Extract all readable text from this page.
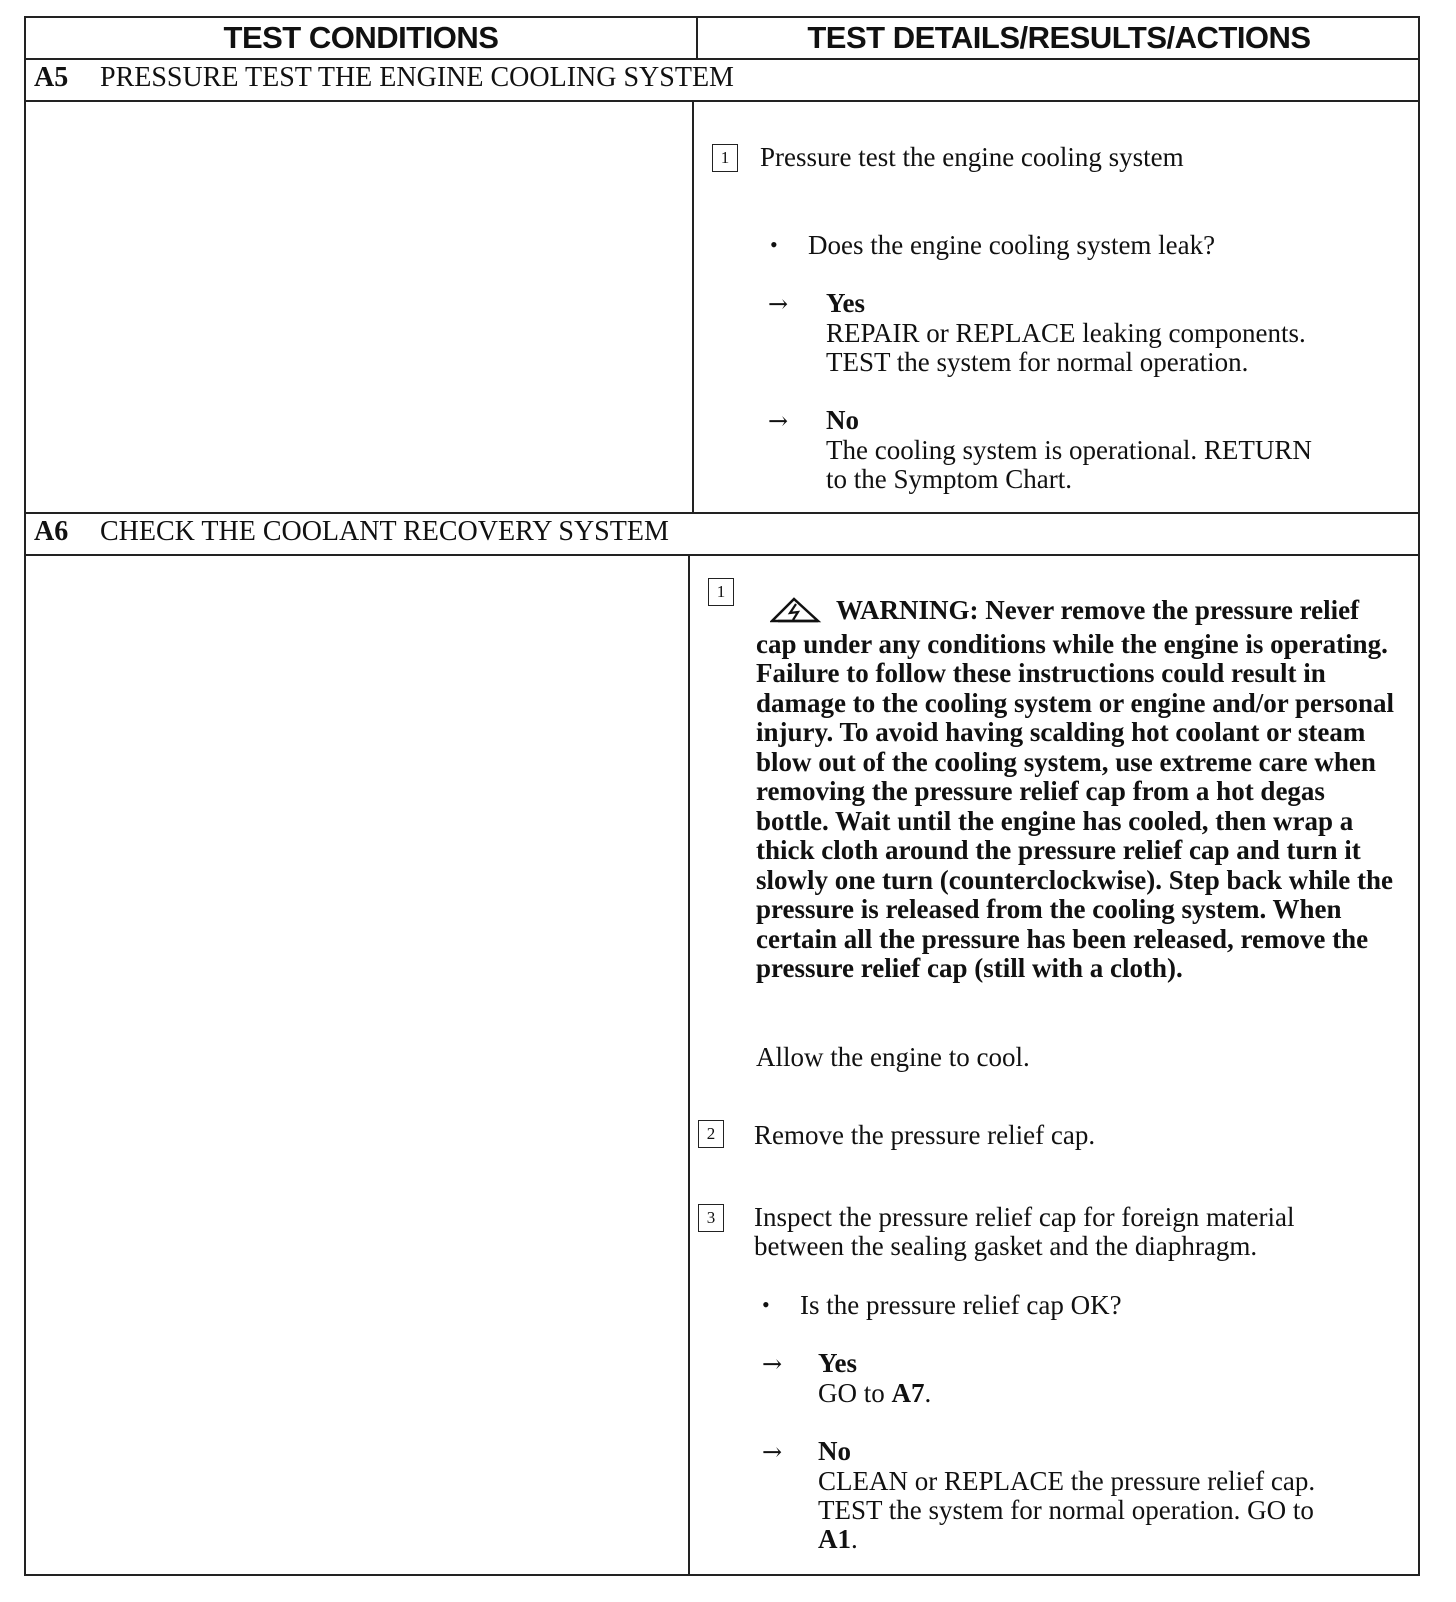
TEST CONDITIONS	TEST DETAILS/RESULTS/ACTIONS
A5 PRESSURE TEST THE ENGINE COOLING SYSTEM
1	Pressure test the engine cooling system
• Does the engine cooling system leak?
→ Yes
REPAIR or REPLACE leaking components.
TEST the system for normal operation.
→ No
The cooling system is operational. RETURN
to the Symptom Chart.
A6 CHECK THE COOLANT RECOVERY SYSTEM
1
WARNING: Never remove the pressure relief cap under any conditions while the engine is operating. Failure to follow these instructions could result in damage to the cooling system or engine and/or personal injury. To avoid having scalding hot coolant or steam blow out of the cooling system, use extreme care when removing the pressure relief cap from a hot degas bottle. Wait until the engine has cooled, then wrap a thick cloth around the pressure relief cap and turn it slowly one turn (counterclockwise). Step back while the pressure is released from the cooling system. When certain all the pressure has been released, remove the pressure relief cap (still with a cloth).
Allow the engine to cool.
2	Remove the pressure relief cap.
3	Inspect the pressure relief cap for foreign material
between the sealing gasket and the diaphragm.
• Is the pressure relief cap OK?
→ Yes
GO to A7.
→ No
CLEAN or REPLACE the pressure relief cap.
TEST the system for normal operation. GO to
A1.
